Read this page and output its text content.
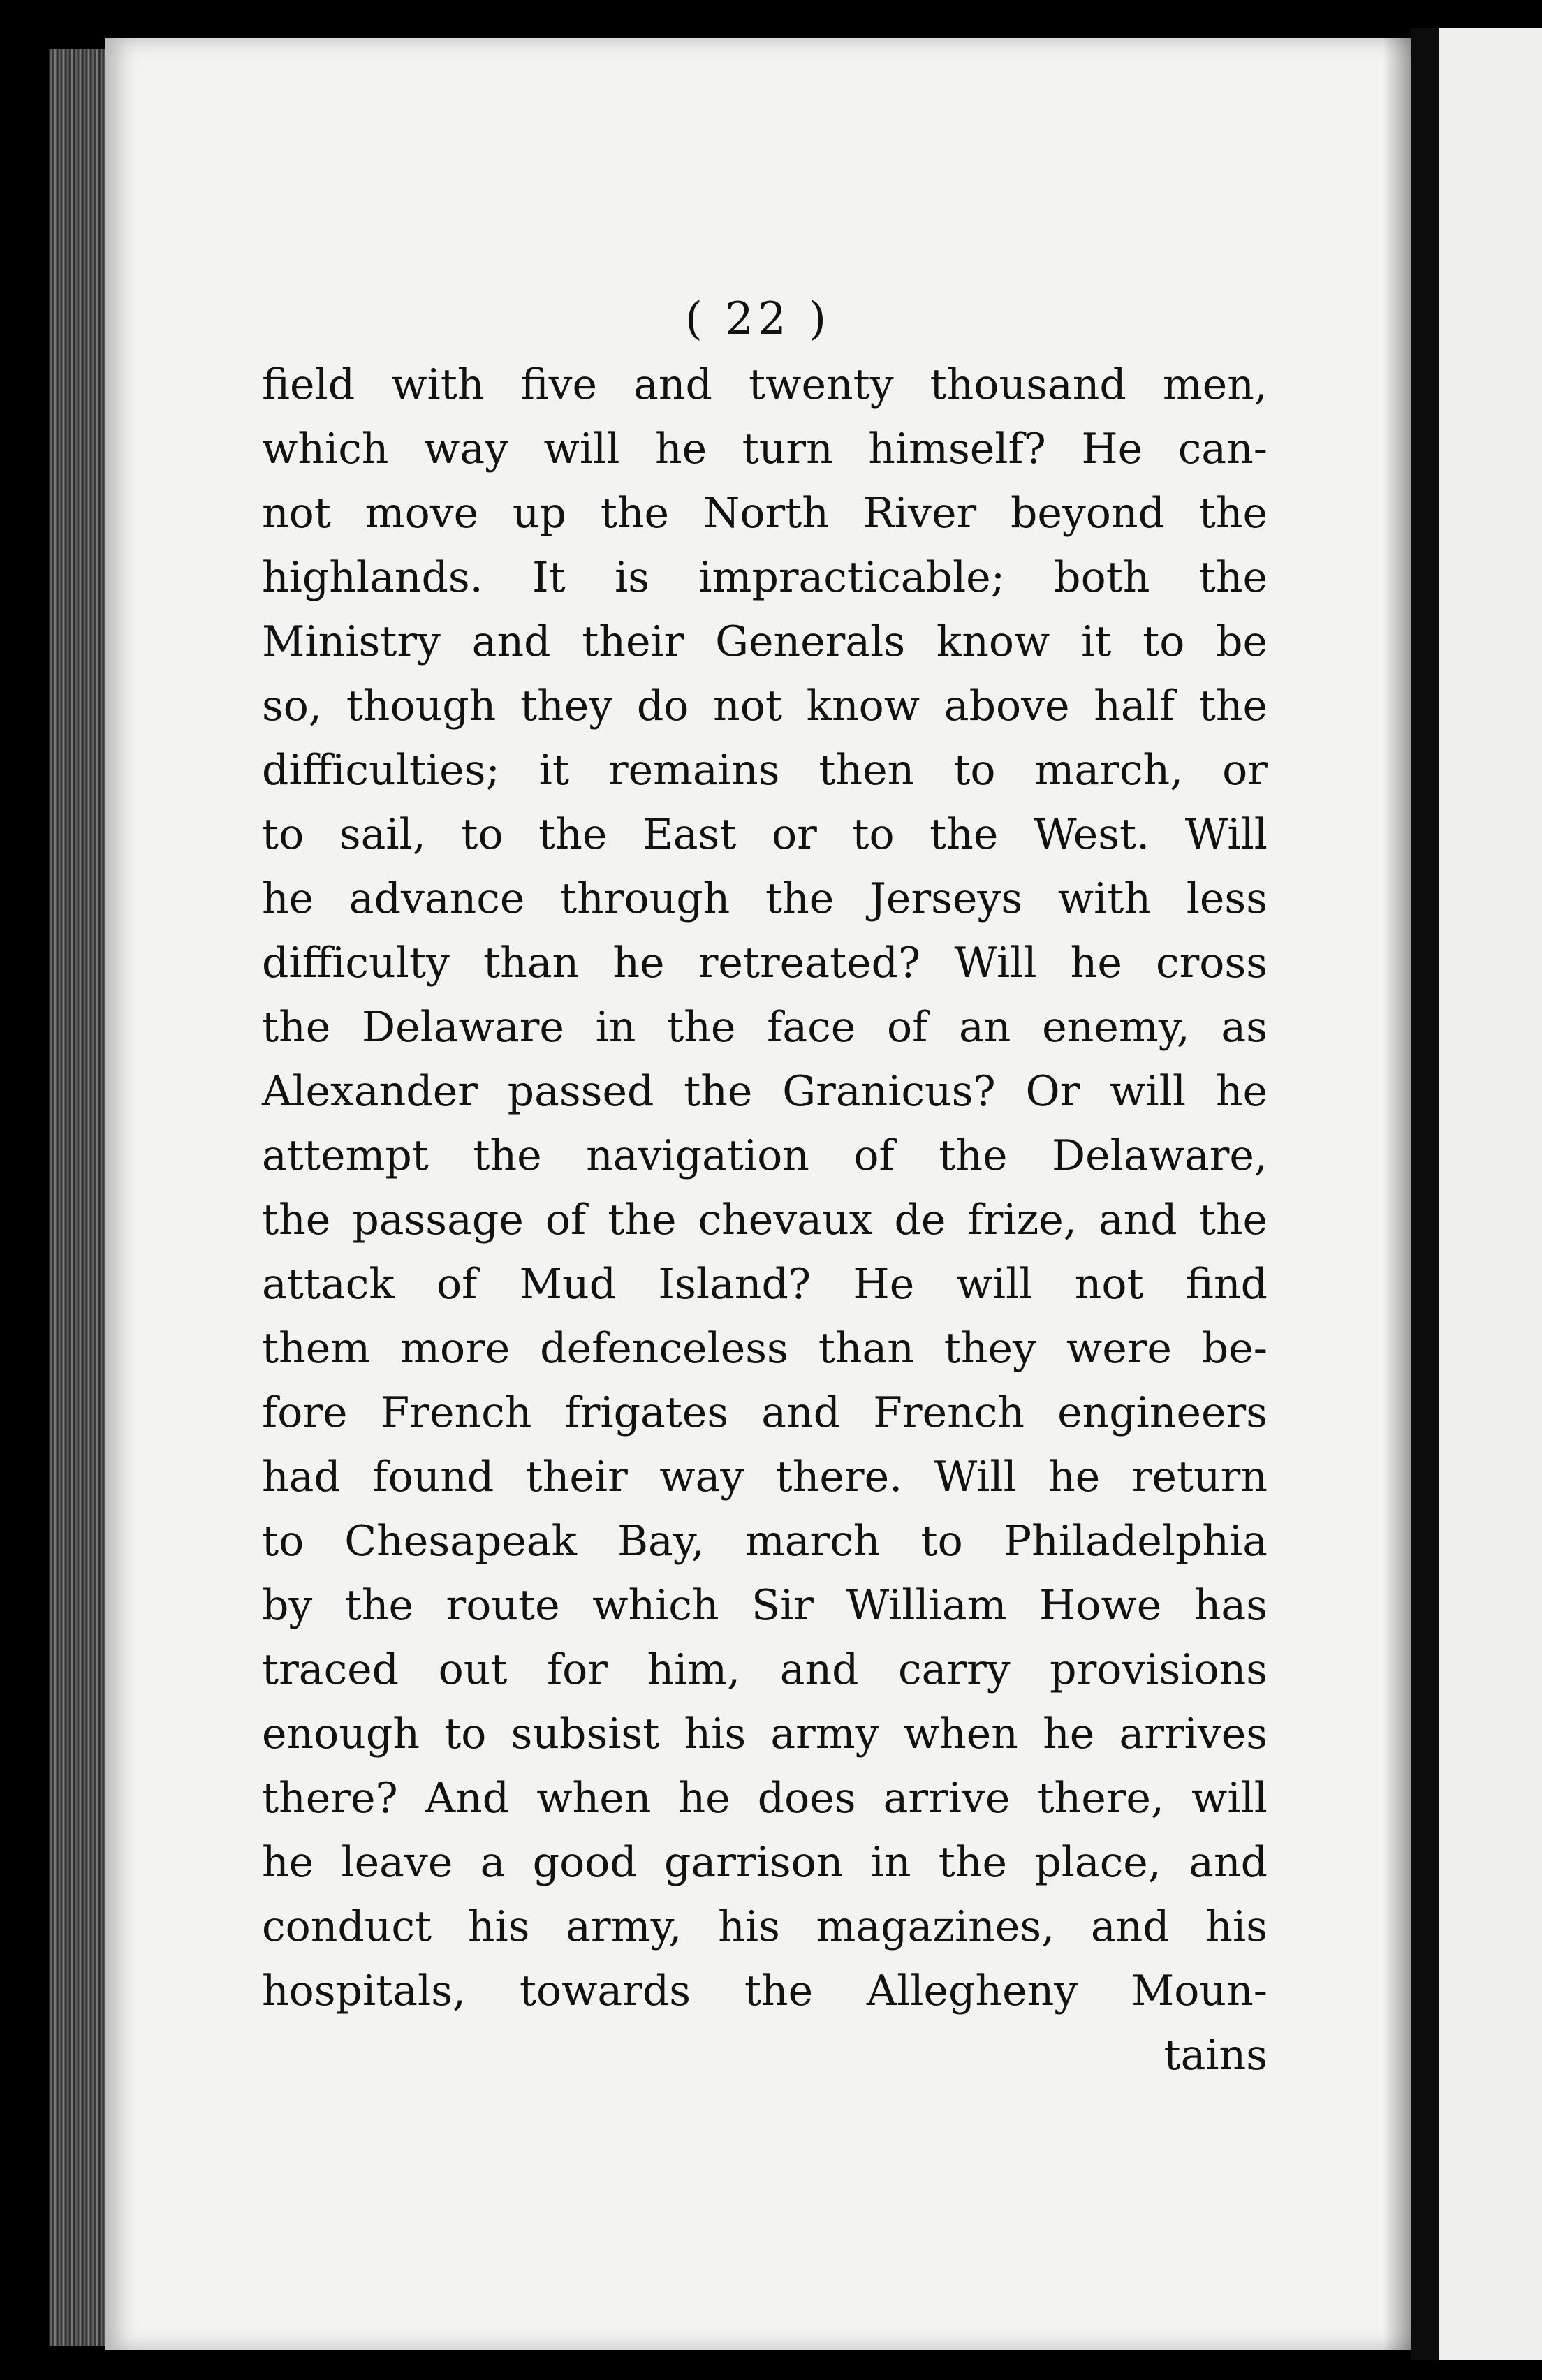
( 22 )
field with five and twenty thousand men,
which way will he turn himself? He can-
not move up the North River beyond the
highlands. It is impracticable; both the
Ministry and their Generals know it to be
so, though they do not know above half the
difficulties; it remains then to march, or
to sail, to the East or to the West. Will
he advance through the Jerseys with less
difficulty than he retreated? Will he cross
the Delaware in the face of an enemy, as
Alexander passed the Granicus? Or will he
attempt the navigation of the Delaware,
the passage of the chevaux de frize, and the
attack of Mud Island? He will not find
them more defenceless than they were be-
fore French frigates and French engineers
had found their way there. Will he return
to Chesapeak Bay, march to Philadelphia
by the route which Sir William Howe has
traced out for him, and carry provisions
enough to subsist his army when he arrives
there? And when he does arrive there, will
he leave a good garrison in the place, and
conduct his army, his magazines, and his
hospitals, towards the Allegheny Moun-
tains
